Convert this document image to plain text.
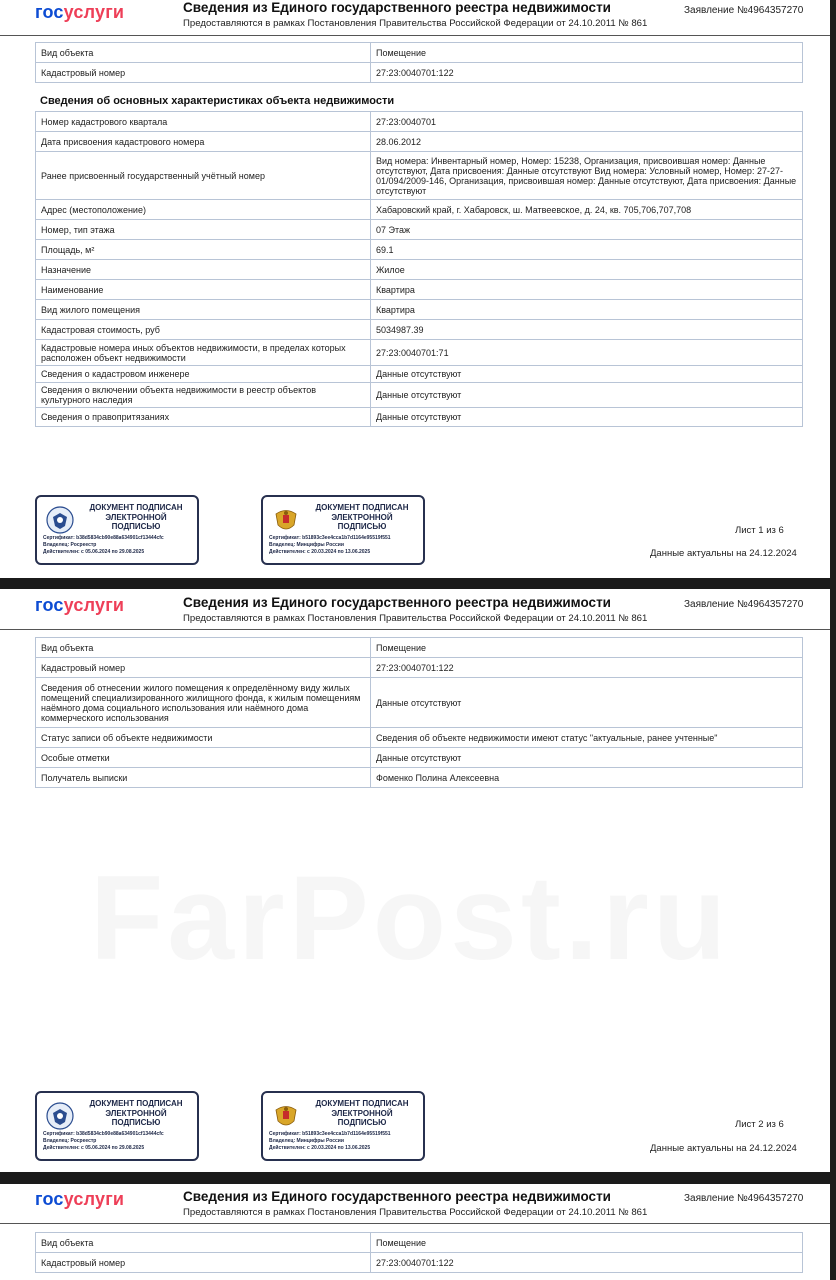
госуслуги	Сведения из Единого государственного реестра недвижимости
Предоставляются в рамках Постановления Правительства Российской Федерации от 24.10.2011 № 861
Заявление №4964357270
Вид объекта	Помещение
Кадастровый номер	27:23:0040701:122
Сведения об основных характеристиках объекта недвижимости
Номер кадастрового квартала	27:23:0040701
Дата присвоения кадастрового номера	28.06.2012
Ранее присвоенный государственный учётный номер	Вид номера: Инвентарный номер, Номер: 15238, Организация, присвоившая номер: Данные отсутствуют, Дата присвоения: Данные отсутствуют Вид номера: Условный номер, Номер: 27-27-01/094/2009-146, Организация, присвоившая номер: Данные отсутствуют, Дата присвоения: Данные отсутствуют
Адрес (местоположение)	Хабаровский край, г. Хабаровск, ш. Матвеевское, д. 24, кв. 705,706,707,708
Номер, тип этажа	07 Этаж
Площадь, м²	69.1
Назначение	Жилое
Наименование	Квартира
Вид жилого помещения	Квартира
Кадастровая стоимость, руб	5034987.39
Кадастровые номера иных объектов недвижимости, в пределах которых расположен объект недвижимости	27:23:0040701:71
Сведения о кадастровом инженере	Данные отсутствуют
Сведения о включении объекта недвижимости в реестр объектов культурного наследия	Данные отсутствуют
Сведения о правопритязаниях	Данные отсутствуют
ДОКУМЕНТ ПОДПИСАН
ЭЛЕКТРОННОЙ
ПОДПИСЬЮ
Сертификат: b38d5834cb90e88a634901cf13444cfc
Владелец: Росреестр
Действителен: с 05.06.2024 по 29.08.2025
ДОКУМЕНТ ПОДПИСАН
ЭЛЕКТРОННОЙ
ПОДПИСЬЮ
Сертификат: b51893c3ee4cca1b7d1164e95519f551
Владелец: Минцифры России
Действителен: с 20.03.2024 по 13.06.2025
Лист 1 из 6
Данные актуальны на 24.12.2024
госуслуги	Сведения из Единого государственного реестра недвижимости
Предоставляются в рамках Постановления Правительства Российской Федерации от 24.10.2011 № 861
Заявление №4964357270
Вид объекта	Помещение
Кадастровый номер	27:23:0040701:122
Сведения об отнесении жилого помещения к определённому виду жилых помещений специализированного жилищного фонда, к жилым помещениям наёмного дома социального использования или наёмного дома коммерческого использования	Данные отсутствуют
Статус записи об объекте недвижимости	Сведения об объекте недвижимости имеют статус "актуальные, ранее учтенные"
Особые отметки	Данные отсутствуют
Получатель выписки	Фоменко Полина Алексеевна
ДОКУМЕНТ ПОДПИСАН
ЭЛЕКТРОННОЙ
ПОДПИСЬЮ
Сертификат: b38d5834cb90e88a634901cf13444cfc
Владелец: Росреестр
Действителен: с 05.06.2024 по 29.08.2025
ДОКУМЕНТ ПОДПИСАН
ЭЛЕКТРОННОЙ
ПОДПИСЬЮ
Сертификат: b51893c3ee4cca1b7d1164e95519f551
Владелец: Минцифры России
Действителен: с 20.03.2024 по 13.06.2025
Лист 2 из 6
Данные актуальны на 24.12.2024
госуслуги	Сведения из Единого государственного реестра недвижимости
Предоставляются в рамках Постановления Правительства Российской Федерации от 24.10.2011 № 861
Заявление №4964357270
Вид объекта	Помещение
Кадастровый номер	27:23:0040701:122
